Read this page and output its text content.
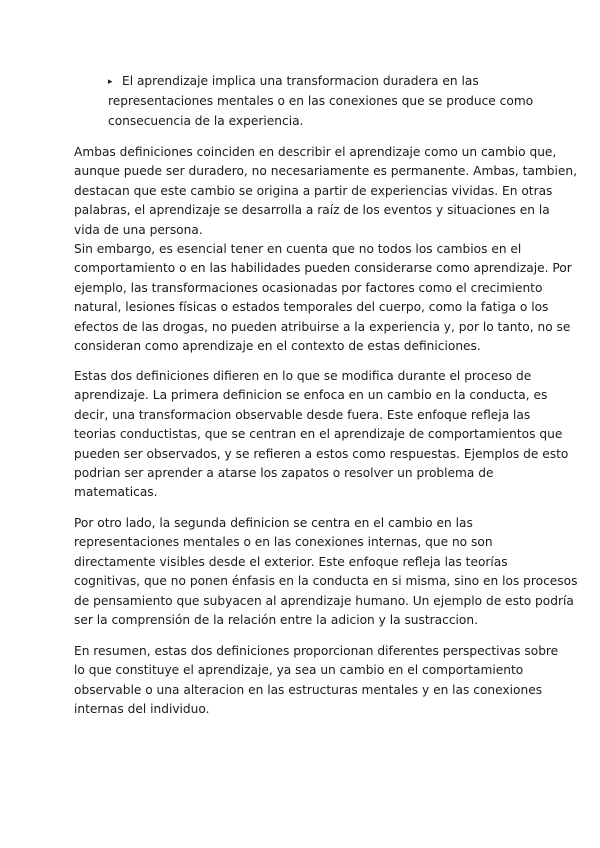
▸ El aprendizaje implica una transformacion duradera en las
representaciones mentales o en las conexiones que se produce como
consecuencia de la experiencia.
Ambas definiciones coinciden en describir el aprendizaje como un cambio que,
aunque puede ser duradero, no necesariamente es permanente. Ambas, tambien,
destacan que este cambio se origina a partir de experiencias vividas. En otras
palabras, el aprendizaje se desarrolla a raíz de los eventos y situaciones en la
vida de una persona.
Sin embargo, es esencial tener en cuenta que no todos los cambios en el
comportamiento o en las habilidades pueden considerarse como aprendizaje. Por
ejemplo, las transformaciones ocasionadas por factores como el crecimiento
natural, lesiones físicas o estados temporales del cuerpo, como la fatiga o los
efectos de las drogas, no pueden atribuirse a la experiencia y, por lo tanto, no se
consideran como aprendizaje en el contexto de estas definiciones.
Estas dos definiciones difieren en lo que se modifica durante el proceso de
aprendizaje. La primera definicion se enfoca en un cambio en la conducta, es
decir, una transformacion observable desde fuera. Este enfoque refleja las
teorias conductistas, que se centran en el aprendizaje de comportamientos que
pueden ser observados, y se refieren a estos como respuestas. Ejemplos de esto
podrian ser aprender a atarse los zapatos o resolver un problema de
matematicas.
Por otro lado, la segunda definicion se centra en el cambio en las
representaciones mentales o en las conexiones internas, que no son
directamente visibles desde el exterior. Este enfoque refleja las teorías
cognitivas, que no ponen énfasis en la conducta en si misma, sino en los procesos
de pensamiento que subyacen al aprendizaje humano. Un ejemplo de esto podría
ser la comprensión de la relación entre la adicion y la sustraccion.
En resumen, estas dos definiciones proporcionan diferentes perspectivas sobre
lo que constituye el aprendizaje, ya sea un cambio en el comportamiento
observable o una alteracion en las estructuras mentales y en las conexiones
internas del individuo.
